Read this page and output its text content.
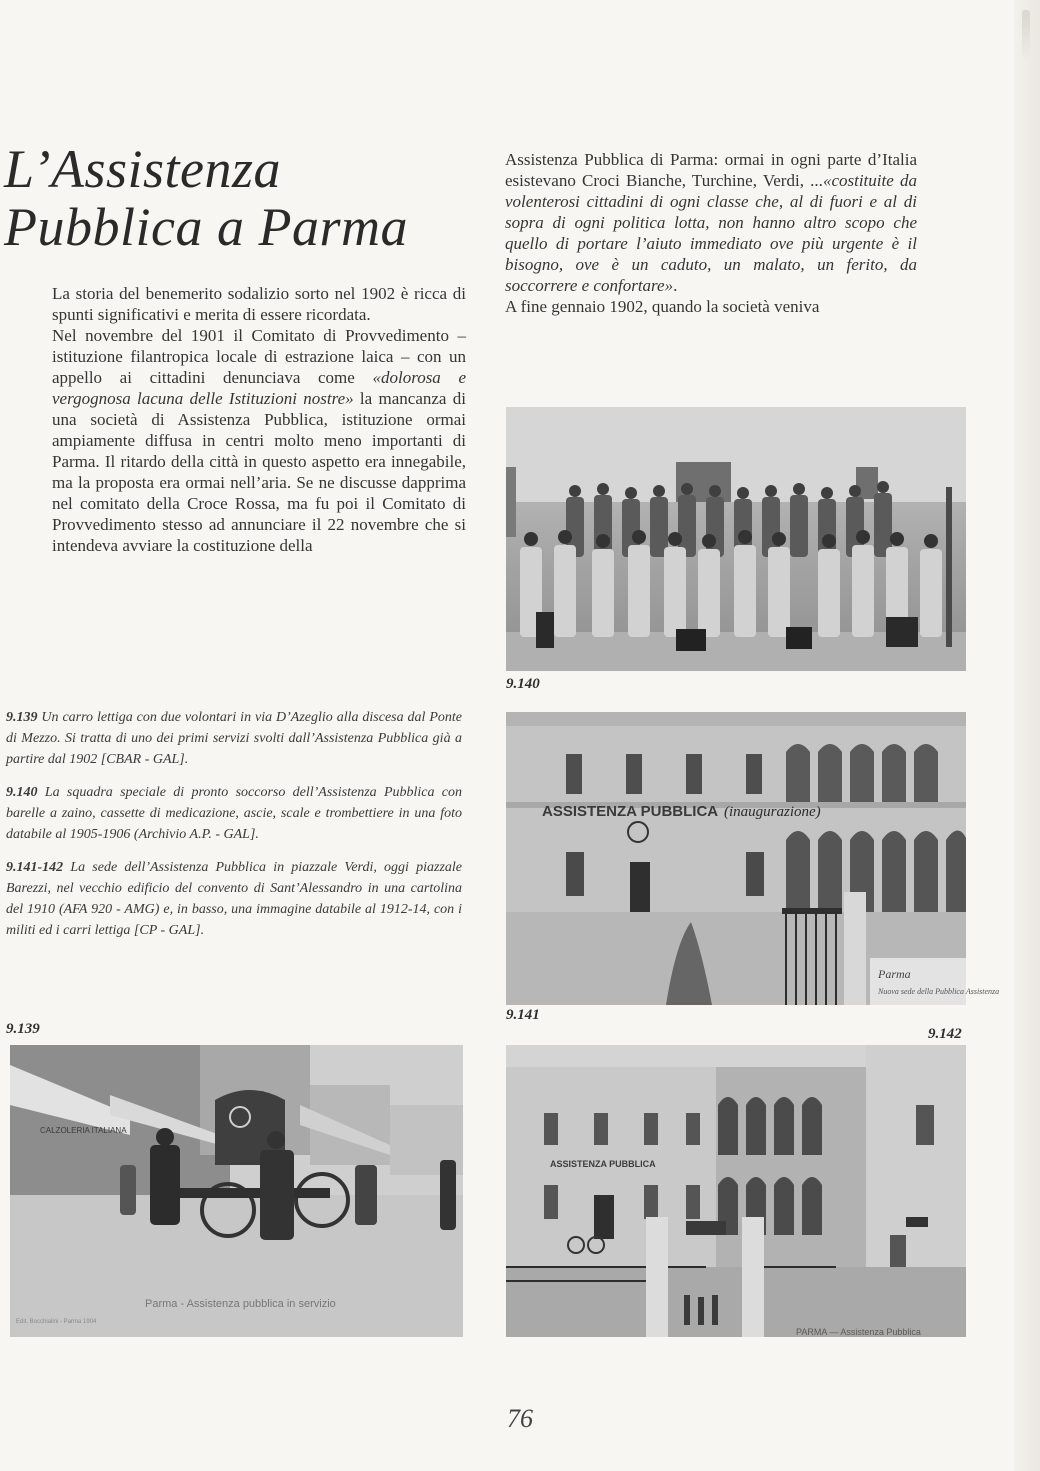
L’Assistenza
Pubblica a Parma

La storia del benemerito sodalizio sorto nel 1902 è ricca di spunti significativi e merita di essere ricordata.

Nel novembre del 1901 il Comitato di Provvedimento – istituzione filantropica locale di estrazione laica – con un appello ai cittadini denunciava come «dolorosa e vergognosa lacuna delle Istituzioni nostre» la mancanza di una società di Assistenza Pubblica, istituzione ormai ampiamente diffusa in centri molto meno importanti di Parma. Il ritardo della città in questo aspetto era innegabile, ma la proposta era ormai nell’aria. Se ne discusse dapprima nel comitato della Croce Rossa, ma fu poi il Comitato di Provvedimento stesso ad annunciare il 22 novembre che si intendeva avviare la costituzione della

Assistenza Pubblica di Parma: ormai in ogni parte d’Italia esistevano Croci Bianche, Turchine, Verdi, ...«costituite da volenterosi cittadini di ogni classe che, al di fuori e al di sopra di ogni politica lotta, non hanno altro scopo che quello di portare l’aiuto immediato ove più urgente è il bisogno, ove è un caduto, un malato, un ferito, da soccorrere e confortare».

A fine gennaio 1902, quando la società veniva

9.140

9.139 Un carro lettiga con due volontari in via D’Azeglio alla discesa dal Ponte di Mezzo. Si tratta di uno dei primi servizi svolti dall’Assistenza Pubblica già a partire dal 1902 [CBAR - GAL].

9.140 La squadra speciale di pronto soccorso dell’Assistenza Pubblica con barelle a zaino, cassette di medicazione, ascie, scale e trombettiere in una foto databile al 1905-1906 (Archivio A.P. - GAL].

9.141-142 La sede dell’Assistenza Pubblica in piazzale Verdi, oggi piazzale Barezzi, nel vecchio edificio del convento di Sant’Alessandro in una cartolina del 1910 (AFA 920 - AMG) e, in basso, una immagine databile al 1912-14, con i militi ed i carri lettiga [CP - GAL].

ASSISTENZA PUBBLICA (inaugurazione)
Parma
Nuova sede della Pubblica Assistenza
9.141
9.142
ASSISTENZA PUBBLICA
PARMA — Assistenza Pubblica
9.139
CALZOLERIA ITALIANA
Parma - Assistenza pubblica in servizio
Edit. Bocchialini - Parma 1904
76
